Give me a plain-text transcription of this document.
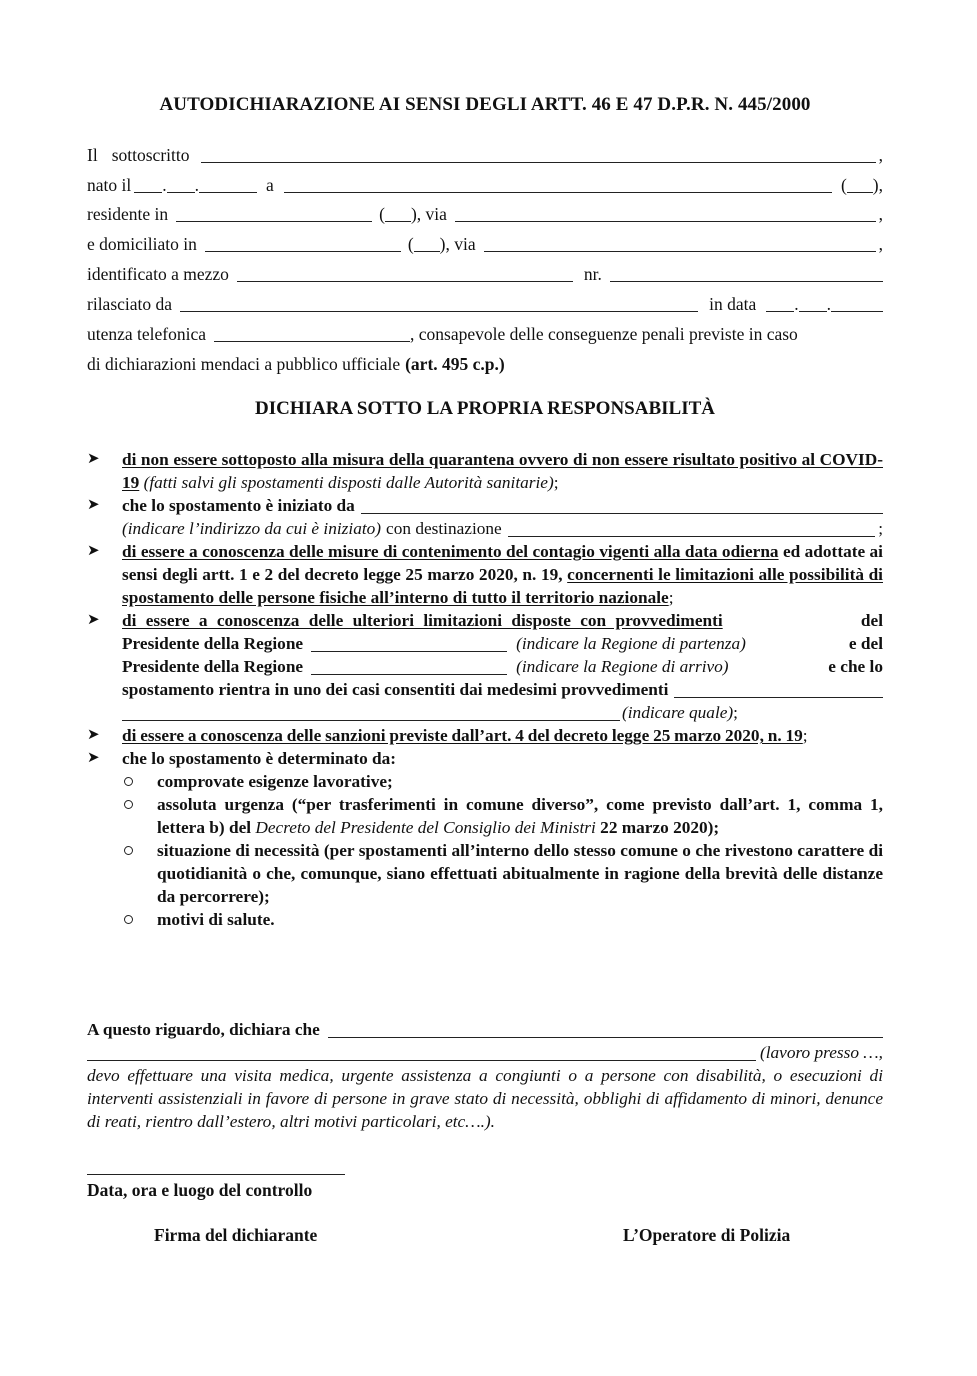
AUTODICHIARAZIONE AI SENSI DEGLI ARTT. 46 E 47 D.P.R. N. 445/2000
Il sottoscritto	,
nato il . .	a	( ),
residente in	( ), via	,
e domiciliato in	( ), via	,
identificato a mezzo	nr.
rilasciato da	in data . .
utenza telefonica	, consapevole delle conseguenze penali previste in caso
di dichiarazioni mendaci a pubblico ufficiale (art. 495 c.p.)
DICHIARA SOTTO LA PROPRIA RESPONSABILITÀ
➤	di non essere sottoposto alla misura della quarantena ovvero di non essere risultato positivo al COVID-19 (fatti salvi gli spostamenti disposti dalle Autorità sanitarie);
➤	che lo spostamento è iniziato da
(indicare l’indirizzo da cui è iniziato) con destinazione	;
➤	di essere a conoscenza delle misure di contenimento del contagio vigenti alla data odierna ed adottate ai sensi degli artt. 1 e 2 del decreto legge 25 marzo 2020, n. 19, concernenti le limitazioni alle possibilità di spostamento delle persone fisiche all’interno di tutto il territorio nazionale;
➤	di essere a conoscenza delle ulteriori limitazioni disposte con provvedimenti	del
Presidente della Regione	(indicare la Regione di partenza)	e del
Presidente della Regione	(indicare la Regione di arrivo)	e che lo
spostamento rientra in uno dei casi consentiti dai medesimi provvedimenti
(indicare quale) ;
➤	di essere a conoscenza delle sanzioni previste dall’art. 4 del decreto legge 25 marzo 2020, n. 19;
➤	che lo spostamento è determinato da:
comprovate esigenze lavorative;
assoluta urgenza (“per trasferimenti in comune diverso”, come previsto dall’art. 1, comma 1, lettera b) del Decreto del Presidente del Consiglio dei Ministri 22 marzo 2020);
situazione di necessità (per spostamenti all’interno dello stesso comune o che rivestono carattere di quotidianità o che, comunque, siano effettuati abitualmente in ragione della brevità delle distanze da percorrere);
motivi di salute.
A questo riguardo, dichiara che
(lavoro presso …,
devo effettuare una visita medica, urgente assistenza a congiunti o a persone con disabilità, o esecuzioni di interventi assistenziali in favore di persone in grave stato di necessità, obblighi di affidamento di minori, denunce di reati, rientro dall’estero, altri motivi particolari, etc….).
Data, ora e luogo del controllo
Firma del dichiarante	L’Operatore di Polizia
